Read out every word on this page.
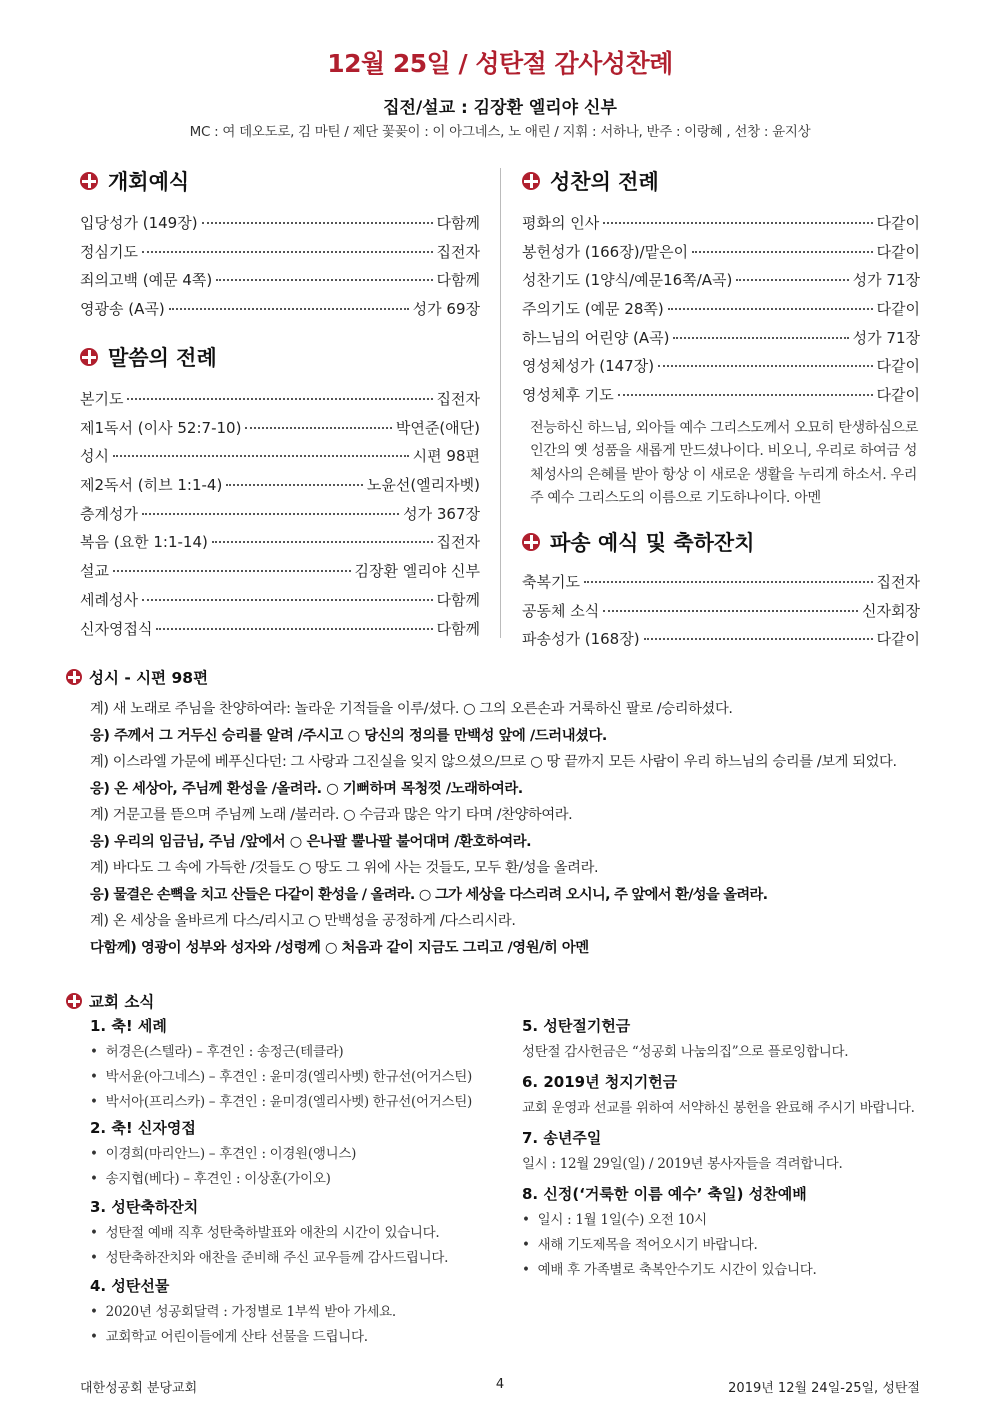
12월 25일 / 성탄절 감사성찬례
집전/설교 : 김장환 엘리야 신부
MC : 여 데오도로, 김 마틴 / 제단 꽃꽂이 : 이 아그네스, 노 애린 / 지휘 : 서하나, 반주 : 이랑혜 , 선창 : 윤지상
개회예식
입당성가 (149장)	다함께
정심기도	집전자
죄의고백 (예문 4쪽)	다함께
영광송 (A곡)	성가 69장
말씀의 전례
본기도	집전자
제1독서 (이사 52:7-10)	박연준(애단)
성시	시편 98편
제2독서 (히브 1:1-4)	노윤선(엘리자벳)
층계성가	성가 367장
복음 (요한 1:1-14)	집전자
설교	김장환 엘리야 신부
세례성사	다함께
신자영접식	다함께
성찬의 전례
평화의 인사	다같이
봉헌성가 (166장)/맡은이	다같이
성찬기도 (1양식/예문16쪽/A곡)	성가 71장
주의기도 (예문 28쪽)	다같이
하느님의 어린양 (A곡)	성가 71장
영성체성가 (147장)	다같이
영성체후 기도	다같이
전능하신 하느님, 외아들 예수 그리스도께서 오묘히 탄생하심으로 인간의 옛 성품을 새롭게 만드셨나이다. 비오니, 우리로 하여금 성체성사의 은혜를 받아 항상 이 새로운 생활을 누리게 하소서. 우리 주 예수 그리스도의 이름으로 기도하나이다. 아멘
파송 예식 및 축하잔치
축복기도	집전자
공동체 소식	신자회장
파송성가 (168장)	다같이
성시 - 시편 98편
계) 새 노래로 주님을 찬양하여라: 놀라운 기적들을 이루/셨다. ○ 그의 오른손과 거룩하신 팔로 /승리하셨다.
응) 주께서 그 거두신 승리를 알려 /주시고 ○ 당신의 정의를 만백성 앞에 /드러내셨다.
계) 이스라엘 가문에 베푸신다던: 그 사랑과 그진실을 잊지 않으셨으/므로 ○ 땅 끝까지 모든 사람이 우리 하느님의 승리를 /보게 되었다.
응) 온 세상아, 주님께 환성을 /올려라. ○ 기뻐하며 목청껏 /노래하여라.
계) 거문고를 뜯으며 주님께 노래 /불러라. ○ 수금과 많은 악기 타며 /찬양하여라.
응) 우리의 임금님, 주님 /앞에서 ○ 은나팔 뿔나팔 불어대며 /환호하여라.
계) 바다도 그 속에 가득한 /것들도 ○ 땅도 그 위에 사는 것들도, 모두 환/성을 올려라.
응) 물결은 손뼉을 치고 산들은 다같이 환성을 / 올려라. ○ 그가 세상을 다스리려 오시니, 주 앞에서 환/성을 올려라.
계) 온 세상을 올바르게 다스/리시고 ○ 만백성을 공정하게 /다스리시라.
다함께) 영광이 성부와 성자와 /성령께 ○ 처음과 같이 지금도 그리고 /영원/히 아멘
교회 소식
1. 축! 세례
• 허경은(스텔라) – 후견인 : 송정근(테클라)
• 박서윤(아그네스) – 후견인 : 윤미경(엘리사벳) 한규선(어거스틴)
• 박서아(프리스카) – 후견인 : 윤미경(엘리사벳) 한규선(어거스틴)
2. 축! 신자영접
• 이경희(마리안느) – 후견인 : 이경원(앵니스)
• 송지협(베다) – 후견인 : 이상훈(가이오)
3. 성탄축하잔치
• 성탄절 예배 직후 성탄축하발표와 애찬의 시간이 있습니다.
• 성탄축하잔치와 애찬을 준비해 주신 교우들께 감사드립니다.
4. 성탄선물
• 2020년 성공회달력 : 가정별로 1부씩 받아 가세요.
• 교회학교 어린이들에게 산타 선물을 드립니다.
5. 성탄절기헌금
성탄절 감사헌금은 “성공회 나눔의집”으로 플로잉합니다.
6. 2019년 청지기헌금
교회 운영과 선교를 위하여 서약하신 봉헌을 완료해 주시기 바랍니다.
7. 송년주일
일시 : 12월 29일(일) / 2019년 봉사자들을 격려합니다.
8. 신정(‘거룩한 이름 예수’ 축일) 성찬예배
• 일시 : 1월 1일(수) 오전 10시
• 새해 기도제목을 적어오시기 바랍니다.
• 예배 후 가족별로 축복안수기도 시간이 있습니다.
대한성공회 분당교회	4	2019년 12월 24일-25일, 성탄절
